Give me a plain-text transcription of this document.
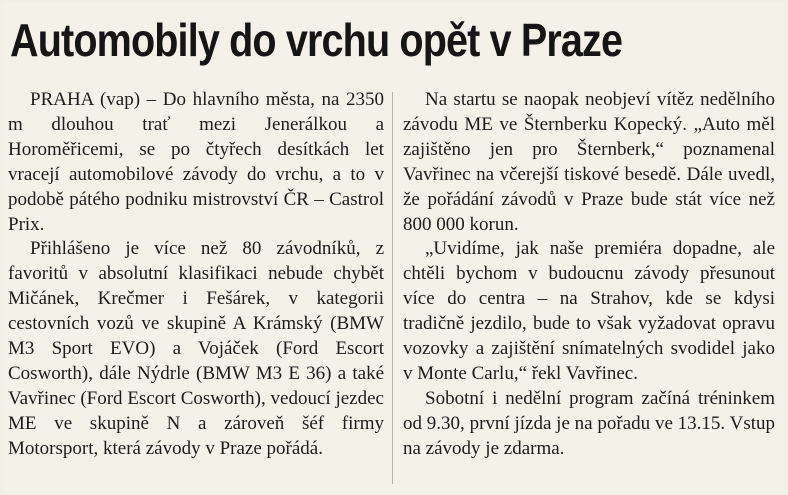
Automobily do vrchu opět v Praze

PRAHA (vap) – Do hlavního města, na 2350 m dlouhou trať mezi Jenerálkou a Horoměřicemi, se po čtyřech desítkách let vracejí automobilové závody do vrchu, a to v podobě pátého podniku mistrovství ČR – Castrol Prix.

Přihlášeno je více než 80 závodníků, z favoritů v absolutní klasifikaci nebude chybět Mičánek, Krečmer i Fešárek, v kategorii cestovních vozů ve skupině A Krámský (BMW M3 Sport EVO) a Vojáček (Ford Escort Cosworth), dále Nýdrle (BMW M3 E 36) a také Vavřinec (Ford Escort Cosworth), vedoucí jezdec ME ve skupině N a zároveň šéf firmy Motorsport, která závody v Praze pořádá.

Na startu se naopak neobjeví vítěz nedělního závodu ME ve Šternberku Kopecký. „Auto měl zajištěno jen pro Šternberk,“ poznamenal Vavřinec na včerejší tiskové besedě. Dále uvedl, že pořádání závodů v Praze bude stát více než 800 000 korun.

„Uvidíme, jak naše premiéra dopadne, ale chtěli bychom v budoucnu závody přesunout více do centra – na Strahov, kde se kdysi tradičně jezdilo, bude to však vyžadovat opravu vozovky a zajištění snímatelných svodidel jako v Monte Carlu,“ řekl Vavřinec.

Sobotní i nedělní program začíná tréninkem od 9.30, první jízda je na pořadu ve 13.15. Vstup na závody je zdarma.
